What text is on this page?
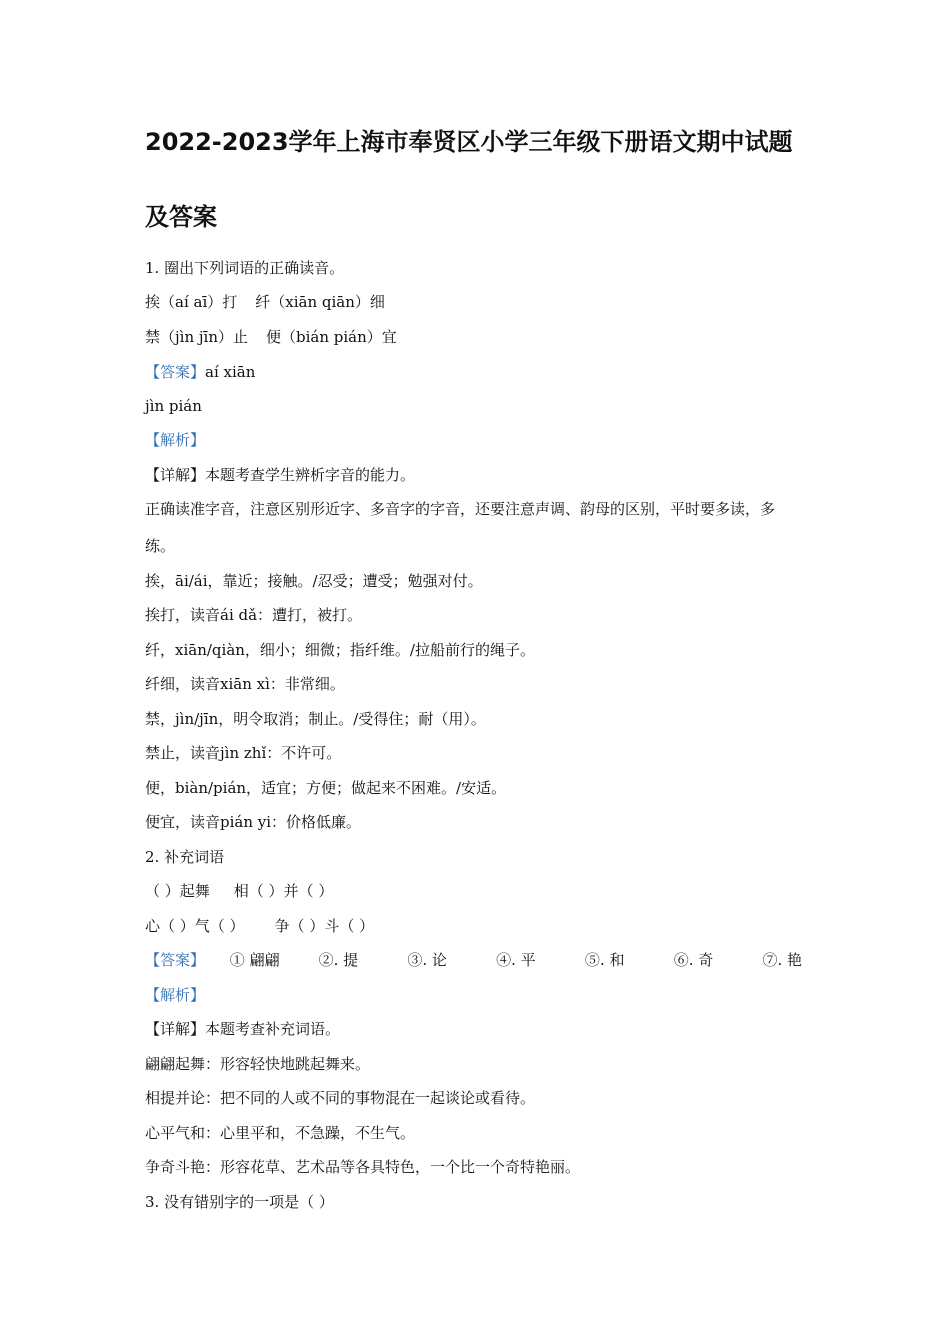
2022-2023学年上海市奉贤区小学三年级下册语文期中试题
及答案
1. 圈出下列词语的正确读音。
挨（aí aī）打 纤（xiān qiān）细
禁（jìn jīn）止 便（bián pián）宜
【答案】aí xiān
jìn pián
【解析】
【详解】本题考查学生辨析字音的能力。
正确读准字音，注意区别形近字、多音字的字音，还要注意声调、韵母的区别，平时要多读，多
练。
挨，āi/ái，靠近；接触。/忍受；遭受；勉强对付。
挨打，读音ái dǎ：遭打，被打。
纤，xiān/qiàn，细小；细微；指纤维。/拉船前行的绳子。
纤细，读音xiān xì：非常细。
禁，jìn/jīn，明令取消；制止。/受得住；耐（用）。
禁止，读音jìn zhǐ：不许可。
便，biàn/pián，适宜；方便；做起来不困难。/安适。
便宜，读音pián yi：价格低廉。
2. 补充词语
（ ）起舞 相（ ）并（ ）
心（ ）气（ ） 争（ ）斗（ ）
【答案】 ① 翩翩	②. 提	③. 论	④. 平	⑤. 和	⑥. 奇	⑦. 艳
【解析】
【详解】本题考查补充词语。
翩翩起舞：形容轻快地跳起舞来。
相提并论：把不同的人或不同的事物混在一起谈论或看待。
心平气和：心里平和，不急躁，不生气。
争奇斗艳：形容花草、艺术品等各具特色，一个比一个奇特艳丽。
3. 没有错别字的一项是（ ）
